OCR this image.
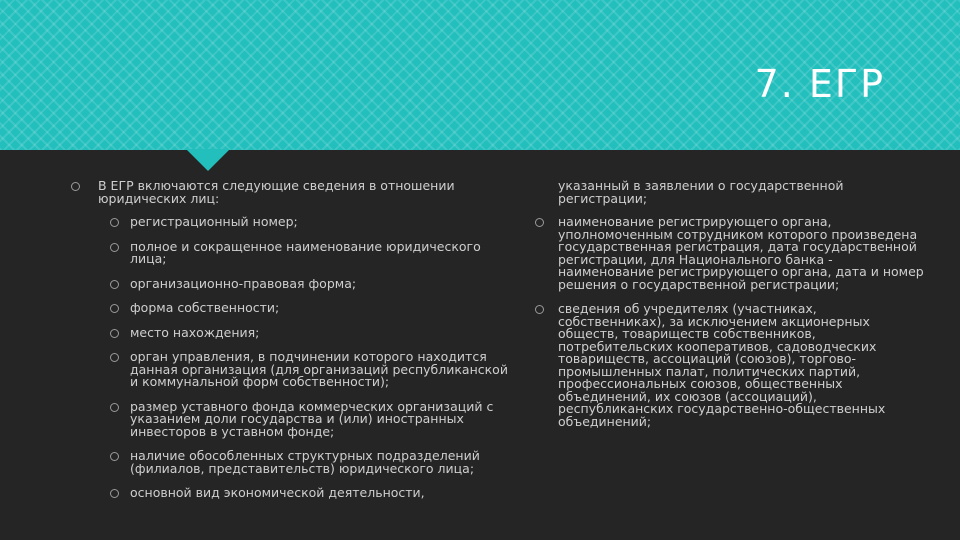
7. ЕГР
В ЕГР включаются следующие сведения в отношении юридических лиц:
регистрационный номер;
полное и сокращенное наименование юридического лица;
организационно-правовая форма;
форма собственности;
место нахождения;
орган управления, в подчинении которого находится данная организация (для организаций республиканской и коммунальной форм собственности);
размер уставного фонда коммерческих организаций с указанием доли государства и (или) иностранных инвесторов в уставном фонде;
наличие обособленных структурных подразделений (филиалов, представительств) юридического лица;
основной вид экономической деятельности,
указанный в заявлении о государственной регистрации;
наименование регистрирующего органа, уполномоченным сотрудником которого произведена государственная регистрация, дата государственной регистрации, для Национального банка - наименование регистрирующего органа, дата и номер решения о государственной регистрации;
сведения об учредителях (участниках, собственниках), за исключением акционерных обществ, товариществ собственников, потребительских кооперативов, садоводческих товариществ, ассоциаций (союзов), торгово-промышленных палат, политических партий, профессиональных союзов, общественных объединений, их союзов (ассоциаций), республиканских государственно-общественных объединений;
